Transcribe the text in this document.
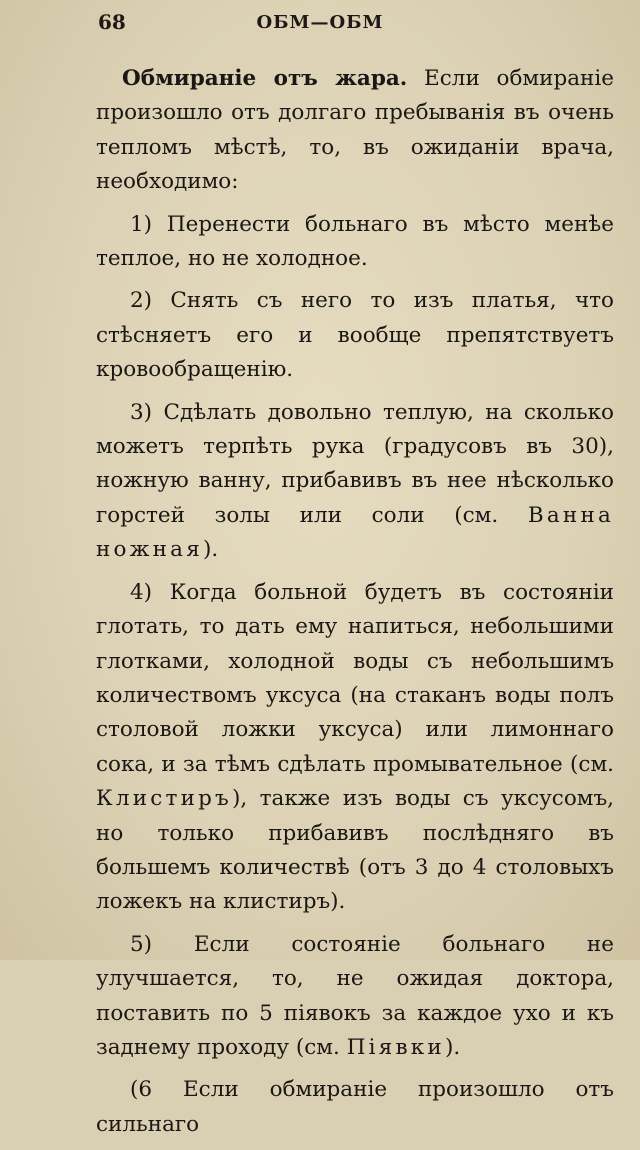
68	ОБМ—ОБМ

Обмиранiе отъ жара. Если обмиранiе произошло отъ долгаго пребыванiя въ очень тепломъ мѣстѣ, то, въ ожиданiи врача, необходимо:

1) Перенести больнаго въ мѣсто менѣе теплое, но не холодное.

2) Снять съ него то изъ платья, что стѣсняетъ его и вообще препятствуетъ кровообращенiю.

3) Сдѣлать довольно теплую, на сколько можетъ терпѣть рука (градусовъ въ 30), ножную ванну, прибавивъ въ нее нѣсколько горстей золы или соли (см. Ванна ножная).

4) Когда больной будетъ въ состоянiи глотать, то дать ему напиться, небольшими глотками, холодной воды съ небольшимъ количествомъ уксуса (на стаканъ воды полъ столовой ложки уксуса) или лимоннаго сока, и за тѣмъ сдѣлать промывательное (см. Клистиръ), также изъ воды съ уксусомъ, но только прибавивъ послѣдняго въ большемъ количествѣ (отъ 3 до 4 столовыхъ ложекъ на клистиръ).

5) Если состоянiе больнаго не улучшается, то, не ожидая доктора, поставить по 5 пiявокъ за каждое ухо и къ заднему проходу (см. Пiявки).

(6 Если обмиранiе произошло отъ сильнаго
